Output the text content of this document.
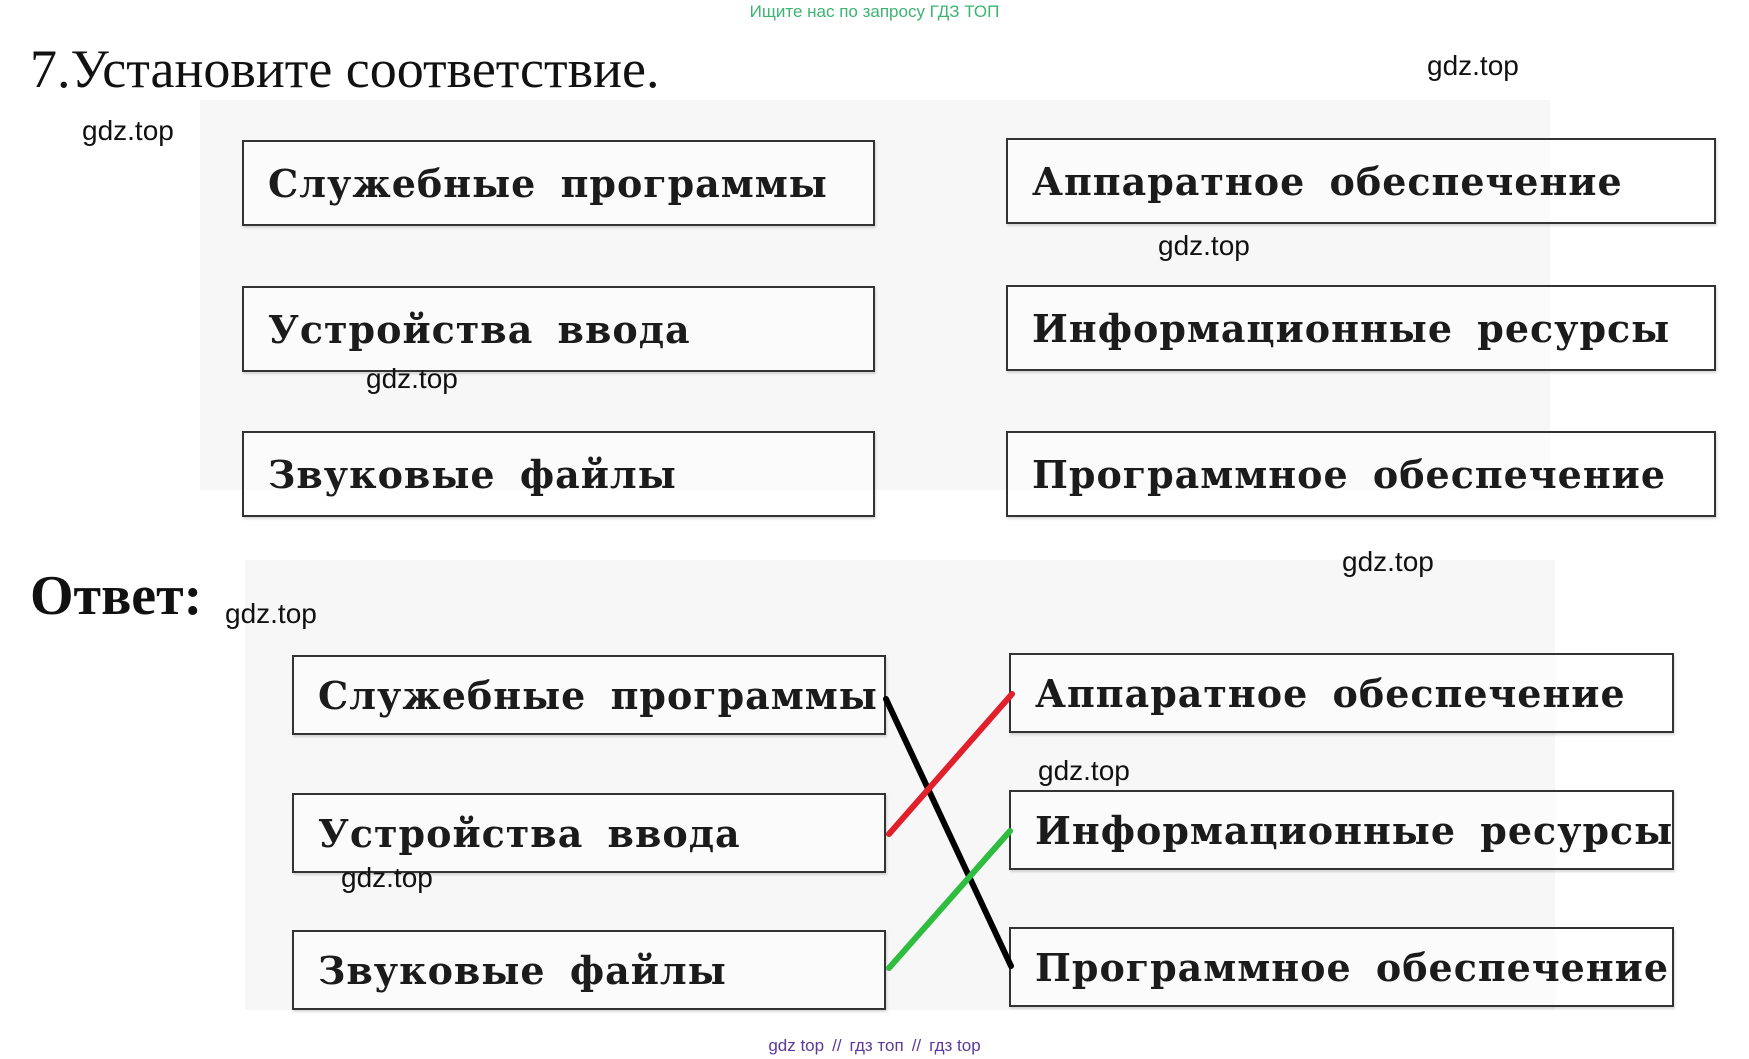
Ищите нас по запросу ГДЗ ТОП
7.Установите соответствие.
Служебные программы
Устройства ввода
Звуковые файлы
Аппаратное обеспечение
Информационные ресурсы
Программное обеспечение
Ответ:
Служебные программы
Устройства ввода
Звуковые файлы
Аппаратное обеспечение
Информационные ресурсы
Программное обеспечение
gdz.top
gdz.top
gdz.top
gdz.top
gdz.top
gdz.top
gdz.top
gdz.top
gdz top // гдз топ // гдз top
